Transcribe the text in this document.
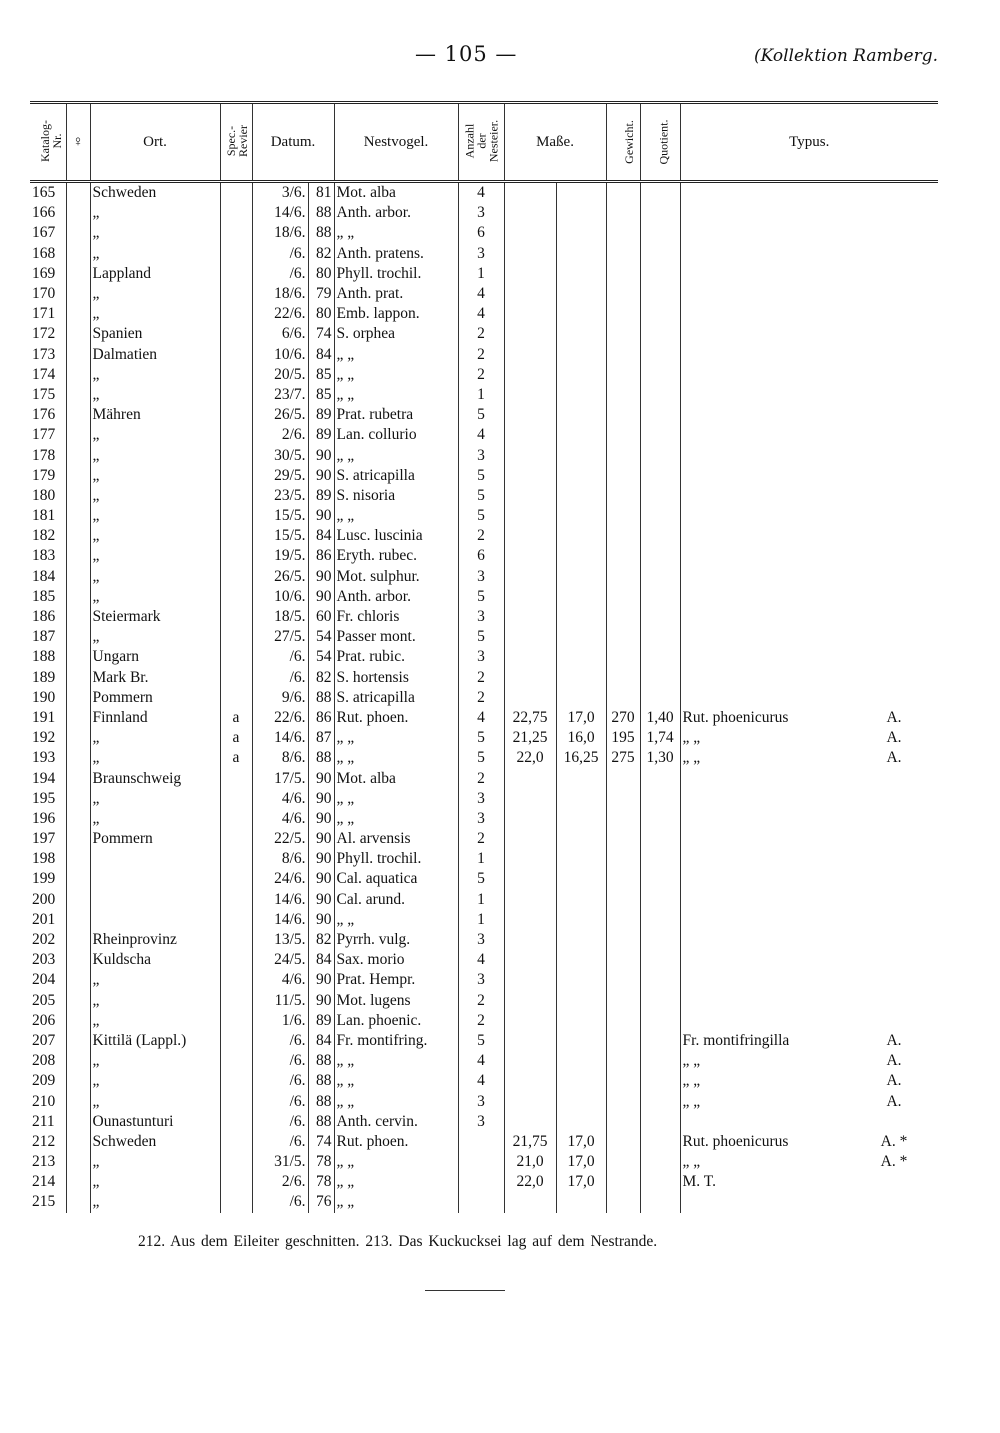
— 105 —	(Kollektion Ramberg.
Katalog-Nr.	♀	Ort.	Spec.-Revier	Datum.		Nestvogel.	Anzahl der Nesteier.	Maße.		Gewicht.	Quotient.	Typus.	
165		Schweden		3/6.	81	Mot. alba	4						
166		„		14/6.	88	Anth. arbor.	3						
167		„		18/6.	88	„ „	6						
168		„		/6.	82	Anth. pratens.	3						
169		Lappland		/6.	80	Phyll. trochil.	1						
170		„		18/6.	79	Anth. prat.	4						
171		„		22/6.	80	Emb. lappon.	4						
172		Spanien		6/6.	74	S. orphea	2						
173		Dalmatien		10/6.	84	„ „	2						
174		„		20/5.	85	„ „	2						
175		„		23/7.	85	„ „	1						
176		Mähren		26/5.	89	Prat. rubetra	5						
177		„		2/6.	89	Lan. collurio	4						
178		„		30/5.	90	„ „	3						
179		„		29/5.	90	S. atricapilla	5						
180		„		23/5.	89	S. nisoria	5						
181		„		15/5.	90	„ „	5						
182		„		15/5.	84	Lusc. luscinia	2						
183		„		19/5.	86	Eryth. rubec.	6						
184		„		26/5.	90	Mot. sulphur.	3						
185		„		10/6.	90	Anth. arbor.	5						
186		Steiermark		18/5.	60	Fr. chloris	3						
187		„		27/5.	54	Passer mont.	5						
188		Ungarn		/6.	54	Prat. rubic.	3						
189		Mark Br.		/6.	82	S. hortensis	2						
190		Pommern		9/6.	88	S. atricapilla	2						
191		Finnland	a	22/6.	86	Rut. phoen.	4	22,75	17,0	270	1,40	Rut. phoenicurus	A.
192		„	a	14/6.	87	„ „	5	21,25	16,0	195	1,74	„ „	A.
193		„	a	8/6.	88	„ „	5	22,0	16,25	275	1,30	„ „	A.
194		Braunschweig		17/5.	90	Mot. alba	2						
195		„		4/6.	90	„ „	3						
196		„		4/6.	90	„ „	3						
197		Pommern		22/5.	90	Al. arvensis	2						
198				8/6.	90	Phyll. trochil.	1						
199				24/6.	90	Cal. aquatica	5						
200				14/6.	90	Cal. arund.	1						
201				14/6.	90	„ „	1						
202		Rheinprovinz		13/5.	82	Pyrrh. vulg.	3						
203		Kuldscha		24/5.	84	Sax. morio	4						
204		„		4/6.	90	Prat. Hempr.	3						
205		„		11/5.	90	Mot. lugens	2						
206		„		1/6.	89	Lan. phoenic.	2						
207		Kittilä (Lappl.)		/6.	84	Fr. montifring.	5					Fr. montifringilla	A.
208		„		/6.	88	„ „	4					„ „	A.
209		„		/6.	88	„ „	4					„ „	A.
210		„		/6.	88	„ „	3					„ „	A.
211		Ounastunturi		/6.	88	Anth. cervin.	3						
212		Schweden		/6.	74	Rut. phoen.		21,75	17,0			Rut. phoenicurus	A. *
213		„		31/5.	78	„ „		21,0	17,0			„ „	A. *
214		„		2/6.	78	„ „		22,0	17,0			M. T.	
215		„		/6.	76	„ „							
212. Aus dem Eileiter geschnitten. 213. Das Kuckucksei lag auf dem Nestrande.
